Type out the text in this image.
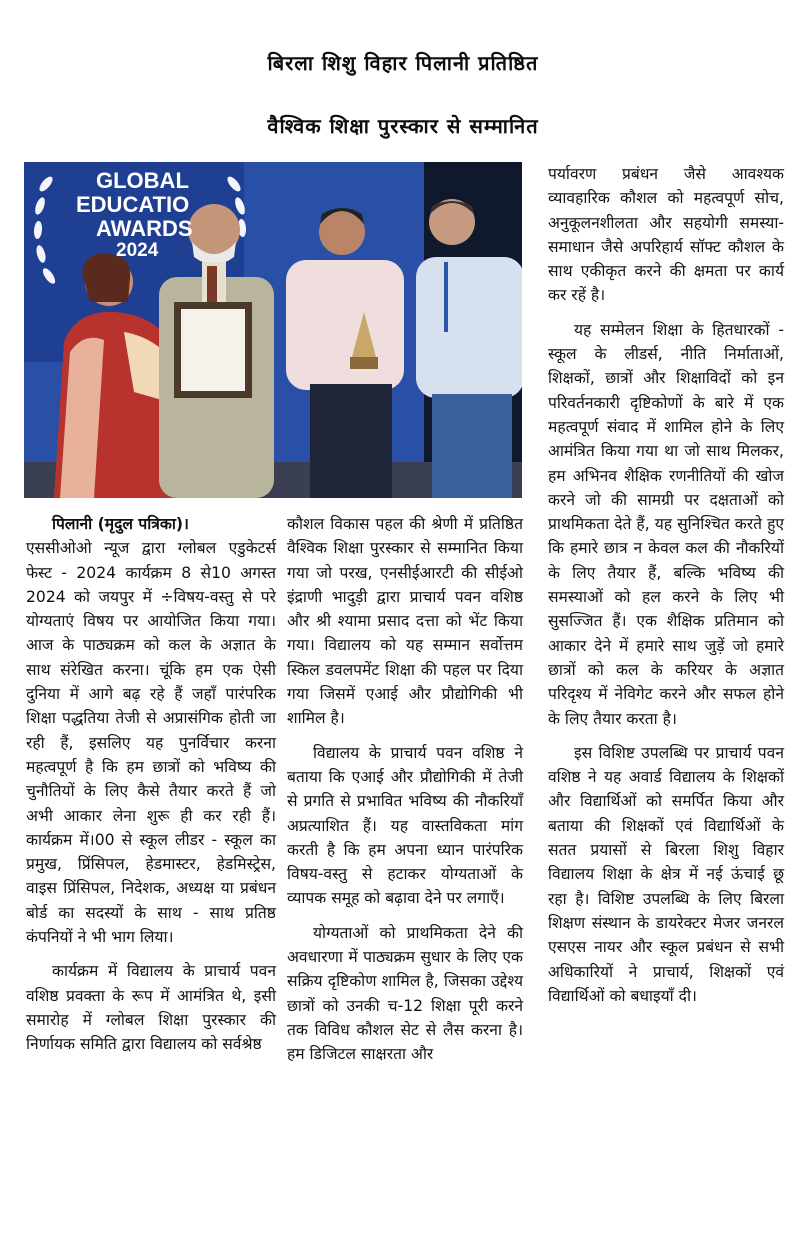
बिरला शिशु विहार पिलानी प्रतिष्ठित
वैश्विक शिक्षा पुरस्कार से सम्मानित
GLOBAL
EDUCATIO
AWARDS
2024

पिलानी (मृदुल पत्रिका)।

एससीओओ न्यूज द्वारा ग्लोबल एडुकेटर्स फेस्ट - 2024 कार्यक्रम 8 से10 अगस्त 2024 को जयपुर में ÷विषय-वस्तु से परे योग्यताएं विषय पर आयोजित किया गया। आज के पाठ्यक्रम को कल के अज्ञात के साथ संरेखित करना। चूंकि हम एक ऐसी दुनिया में आगे बढ़ रहे हैं जहाँ पारंपरिक शिक्षा पद्धतिया तेजी से अप्रासंगिक होती जा रही हैं, इसलिए यह पुनर्विचार करना महत्वपूर्ण है कि हम छात्रों को भविष्य की चुनौतियों के लिए कैसे तैयार करते हैं जो अभी आकार लेना शुरू ही कर रही हैं। कार्यक्रम में।00 से स्कूल लीडर - स्कूल का प्रमुख, प्रिंसिपल, हेडमास्टर, हेडमिस्ट्रेस, वाइस प्रिंसिपल, निदेशक, अध्यक्ष या प्रबंधन बोर्ड का सदस्यों के साथ - साथ प्रतिष्ठ कंपनियों ने भी भाग लिया।

कार्यक्रम में विद्यालय के प्राचार्य पवन वशिष्ठ प्रवक्ता के रूप में आमंत्रित थे, इसी समारोह में ग्लोबल शिक्षा पुरस्कार की निर्णायक समिति द्वारा विद्यालय को सर्वश्रेष्ठ

कौशल विकास पहल की श्रेणी में प्रतिष्ठित वैश्विक शिक्षा पुरस्कार से सम्मानित किया गया जो परख, एनसीईआरटी की सीईओ इंद्राणी भादुड़ी द्वारा प्राचार्य पवन वशिष्ठ और श्री श्यामा प्रसाद दत्ता को भेंट किया गया। विद्यालय को यह सम्मान सर्वोत्तम स्किल डवलपमेंट शिक्षा की पहल पर दिया गया जिसमें एआई और प्रौद्योगिकी भी शामिल है।

विद्यालय के प्राचार्य पवन वशिष्ठ ने बताया कि एआई और प्रौद्योगिकी में तेजी से प्रगति से प्रभावित भविष्य की नौकरियाँ अप्रत्याशित हैं। यह वास्तविकता मांग करती है कि हम अपना ध्यान पारंपरिक विषय-वस्तु से हटाकर योग्यताओं के व्यापक समूह को बढ़ावा देने पर लगाएँ।

योग्यताओं को प्राथमिकता देने की अवधारणा में पाठ्यक्रम सुधार के लिए एक सक्रिय दृष्टिकोण शामिल है, जिसका उद्देश्य छात्रों को उनकी च-12 शिक्षा पूरी करने तक विविध कौशल सेट से लैस करना है। हम डिजिटल साक्षरता और

पर्यावरण प्रबंधन जैसे आवश्यक व्यावहारिक कौशल को महत्वपूर्ण सोच, अनुकूलनशीलता और सहयोगी समस्या-समाधान जैसे अपरिहार्य सॉफ्ट कौशल के साथ एकीकृत करने की क्षमता पर कार्य कर रहें है।

यह सम्मेलन शिक्षा के हितधारकों - स्कूल के लीडर्स, नीति निर्माताओं, शिक्षकों, छात्रों और शिक्षाविदों को इन परिवर्तनकारी दृष्टिकोणों के बारे में एक महत्वपूर्ण संवाद में शामिल होने के लिए आमंत्रित किया गया था जो साथ मिलकर, हम अभिनव शैक्षिक रणनीतियों की खोज करने जो की सामग्री पर दक्षताओं को प्राथमिकता देते हैं, यह सुनिश्चित करते हुए कि हमारे छात्र न केवल कल की नौकरियों के लिए तैयार हैं, बल्कि भविष्य की समस्याओं को हल करने के लिए भी सुसज्जित हैं। एक शैक्षिक प्रतिमान को आकार देने में हमारे साथ जुड़ें जो हमारे छात्रों को कल के करियर के अज्ञात परिदृश्य में नेविगेट करने और सफल होने के लिए तैयार करता है।

इस विशिष्ट उपलब्धि पर प्राचार्य पवन वशिष्ठ ने यह अवार्ड विद्यालय के शिक्षकों और विद्यार्थिओं को समर्पित किया और बताया की शिक्षकों एवं विद्यार्थिओं के सतत प्रयासों से बिरला शिशु विहार विद्यालय शिक्षा के क्षेत्र में नई ऊंचाई छू रहा है। विशिष्ट उपलब्धि के लिए बिरला शिक्षण संस्थान के डायरेक्टर मेजर जनरल एसएस नायर और स्कूल प्रबंधन से सभी अधिकारियों ने प्राचार्य, शिक्षकों एवं विद्यार्थिओं को बधाइयाँ दी।
